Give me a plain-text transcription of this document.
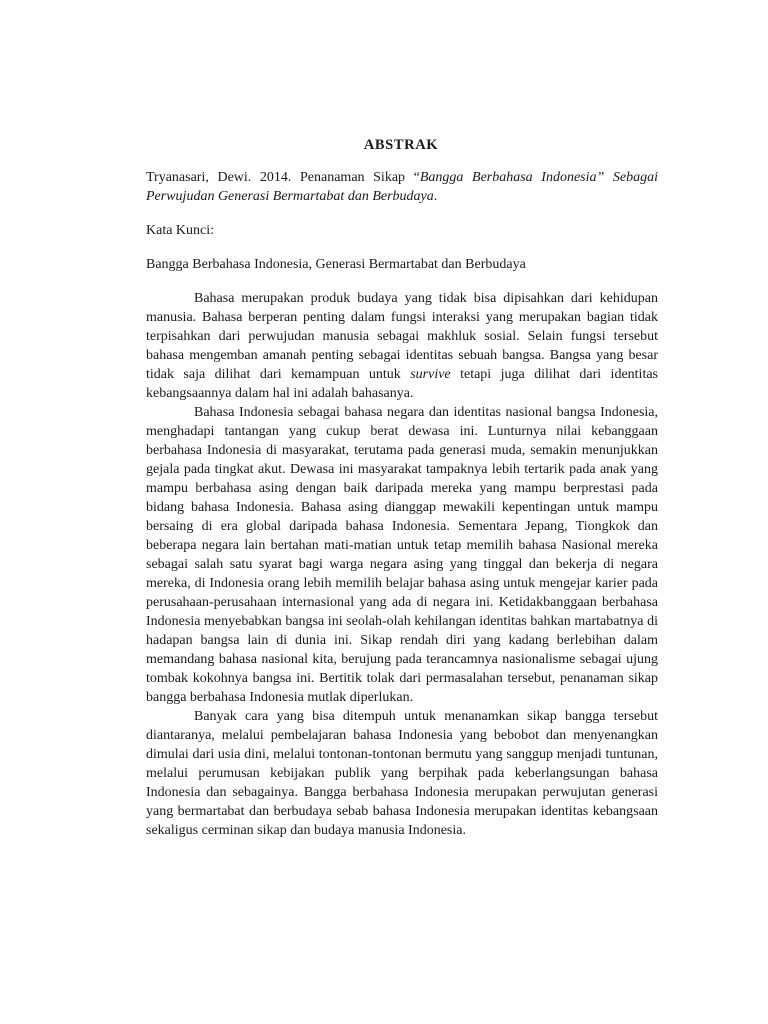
ABSTRAK

Tryanasari, Dewi. 2014. Penanaman Sikap “Bangga Berbahasa Indonesia” Sebagai Perwujudan Generasi Bermartabat dan Berbudaya.

Kata Kunci:

Bangga Berbahasa Indonesia, Generasi Bermartabat dan Berbudaya

Bahasa merupakan produk budaya yang tidak bisa dipisahkan dari kehidupan manusia. Bahasa berperan penting dalam fungsi interaksi yang merupakan bagian tidak terpisahkan dari perwujudan manusia sebagai makhluk sosial. Selain fungsi tersebut bahasa mengemban amanah penting sebagai identitas sebuah bangsa. Bangsa yang besar tidak saja dilihat dari kemampuan untuk survive tetapi juga dilihat dari identitas kebangsaannya dalam hal ini adalah bahasanya.

Bahasa Indonesia sebagai bahasa negara dan identitas nasional bangsa Indonesia, menghadapi tantangan yang cukup berat dewasa ini. Lunturnya nilai kebanggaan berbahasa Indonesia di masyarakat, terutama pada generasi muda, semakin menunjukkan gejala pada tingkat akut. Dewasa ini masyarakat tampaknya lebih tertarik pada anak yang mampu berbahasa asing dengan baik daripada mereka yang mampu berprestasi pada bidang bahasa Indonesia. Bahasa asing dianggap mewakili kepentingan untuk mampu bersaing di era global daripada bahasa Indonesia. Sementara Jepang, Tiongkok dan beberapa negara lain bertahan mati-matian untuk tetap memilih bahasa Nasional mereka sebagai salah satu syarat bagi warga negara asing yang tinggal dan bekerja di negara mereka, di Indonesia orang lebih memilih belajar bahasa asing untuk mengejar karier pada perusahaan-perusahaan internasional yang ada di negara ini. Ketidakbanggaan berbahasa Indonesia menyebabkan bangsa ini seolah-olah kehilangan identitas bahkan martabatnya di hadapan bangsa lain di dunia ini. Sikap rendah diri yang kadang berlebihan dalam memandang bahasa nasional kita, berujung pada terancamnya nasionalisme sebagai ujung tombak kokohnya bangsa ini. Bertitik tolak dari permasalahan tersebut, penanaman sikap bangga berbahasa Indonesia mutlak diperlukan.

Banyak cara yang bisa ditempuh untuk menanamkan sikap bangga tersebut diantaranya, melalui pembelajaran bahasa Indonesia yang bebobot dan menyenangkan dimulai dari usia dini, melalui tontonan-tontonan bermutu yang sanggup menjadi tuntunan, melalui perumusan kebijakan publik yang berpihak pada keberlangsungan bahasa Indonesia dan sebagainya. Bangga berbahasa Indonesia merupakan perwujutan generasi yang bermartabat dan berbudaya sebab bahasa Indonesia merupakan identitas kebangsaan sekaligus cerminan sikap dan budaya manusia Indonesia.
